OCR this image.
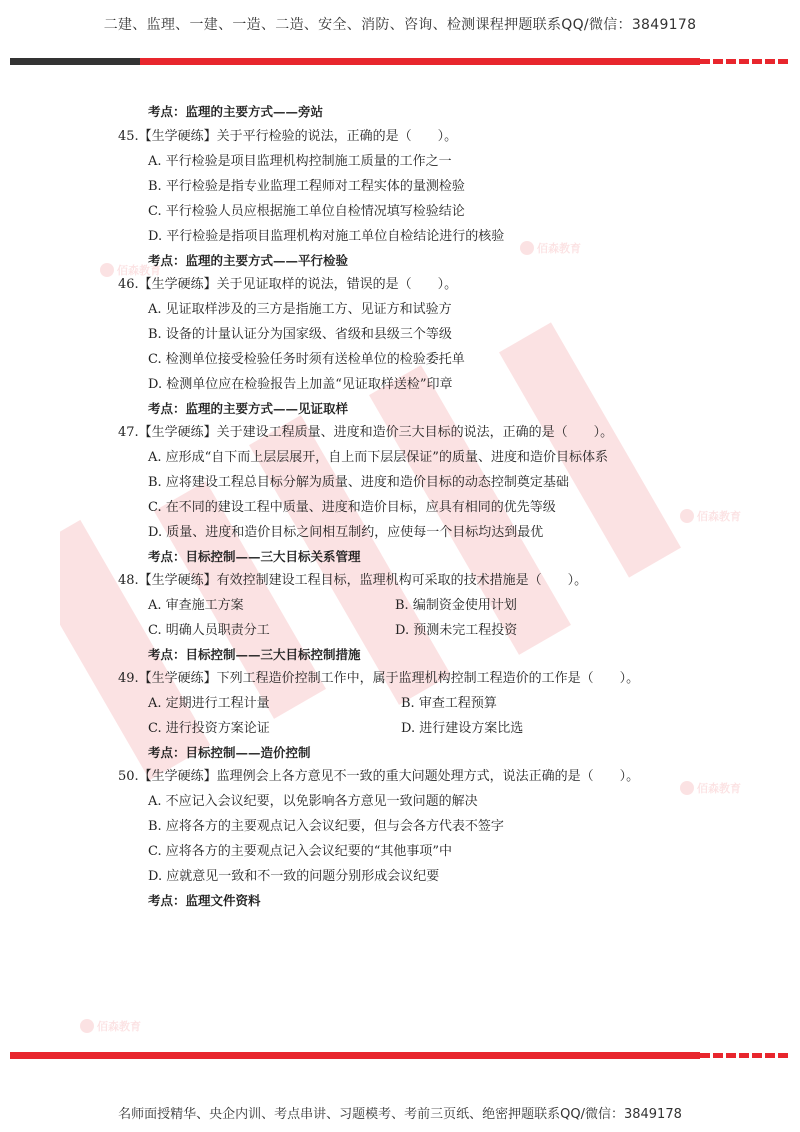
二建、监理、一建、一造、二造、安全、消防、咨询、检测课程押题联系QQ/微信：3849178
佰森教育
佰森教育
佰森教育
佰森教育
佰森教育
考点：监理的主要方式——旁站
45.【生学硬练】关于平行检验的说法，正确的是（　　）。
A. 平行检验是项目监理机构控制施工质量的工作之一
B. 平行检验是指专业监理工程师对工程实体的量测检验
C. 平行检验人员应根据施工单位自检情况填写检验结论
D. 平行检验是指项目监理机构对施工单位自检结论进行的核验
考点：监理的主要方式——平行检验
46.【生学硬练】关于见证取样的说法，错误的是（　　）。
A. 见证取样涉及的三方是指施工方、见证方和试验方
B. 设备的计量认证分为国家级、省级和县级三个等级
C. 检测单位接受检验任务时须有送检单位的检验委托单
D. 检测单位应在检验报告上加盖“见证取样送检”印章
考点：监理的主要方式——见证取样
47.【生学硬练】关于建设工程质量、进度和造价三大目标的说法，正确的是（　　）。
A. 应形成“自下而上层层展开，自上而下层层保证”的质量、进度和造价目标体系
B. 应将建设工程总目标分解为质量、进度和造价目标的动态控制奠定基础
C. 在不同的建设工程中质量、进度和造价目标，应具有相同的优先等级
D. 质量、进度和造价目标之间相互制约，应使每一个目标均达到最优
考点：目标控制——三大目标关系管理
48.【生学硬练】有效控制建设工程目标，监理机构可采取的技术措施是（　　）。
A. 审查施工方案	B. 编制资金使用计划
C. 明确人员职责分工	D. 预测未完工程投资
考点：目标控制——三大目标控制措施
49.【生学硬练】下列工程造价控制工作中，属于监理机构控制工程造价的工作是（　　）。
A. 定期进行工程计量	B. 审查工程预算
C. 进行投资方案论证	D. 进行建设方案比选
考点：目标控制——造价控制
50.【生学硬练】监理例会上各方意见不一致的重大问题处理方式，说法正确的是（　　）。
A. 不应记入会议纪要，以免影响各方意见一致问题的解决
B. 应将各方的主要观点记入会议纪要，但与会各方代表不签字
C. 应将各方的主要观点记入会议纪要的“其他事项”中
D. 应就意见一致和不一致的问题分别形成会议纪要
考点：监理文件资料
名师面授精华、央企内训、考点串讲、习题模考、考前三页纸、绝密押题联系QQ/微信：3849178
